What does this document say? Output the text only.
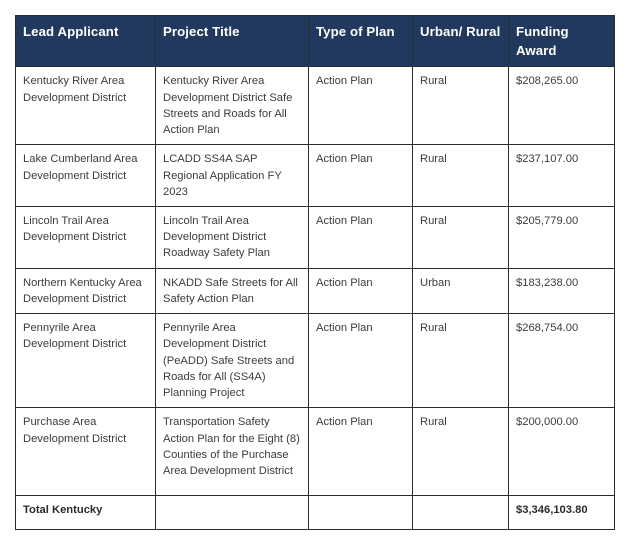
Lead Applicant	Project Title	Type of Plan	Urban/ Rural	Funding Award

Kentucky River Area Development District	Kentucky River Area Development District Safe Streets and Roads for All Action Plan	Action Plan	Rural	$208,265.00

Lake Cumberland Area Development District	LCADD SS4A SAP Regional Application FY 2023	Action Plan	Rural	$237,107.00

Lincoln Trail Area Development District	Lincoln Trail Area Development District Roadway Safety Plan	Action Plan	Rural	$205,779.00

Northern Kentucky Area Development District	NKADD Safe Streets for All Safety Action Plan	Action Plan	Urban	$183,238.00

Pennyrile Area Development District	Pennyrile Area Development District (PeADD) Safe Streets and Roads for All (SS4A) Planning Project	Action Plan	Rural	$268,754.00

Purchase Area Development District	Transportation Safety Action Plan for the Eight (8) Counties of the Purchase Area Development District	Action Plan	Rural	$200,000.00

Total Kentucky				$3,346,103.80
